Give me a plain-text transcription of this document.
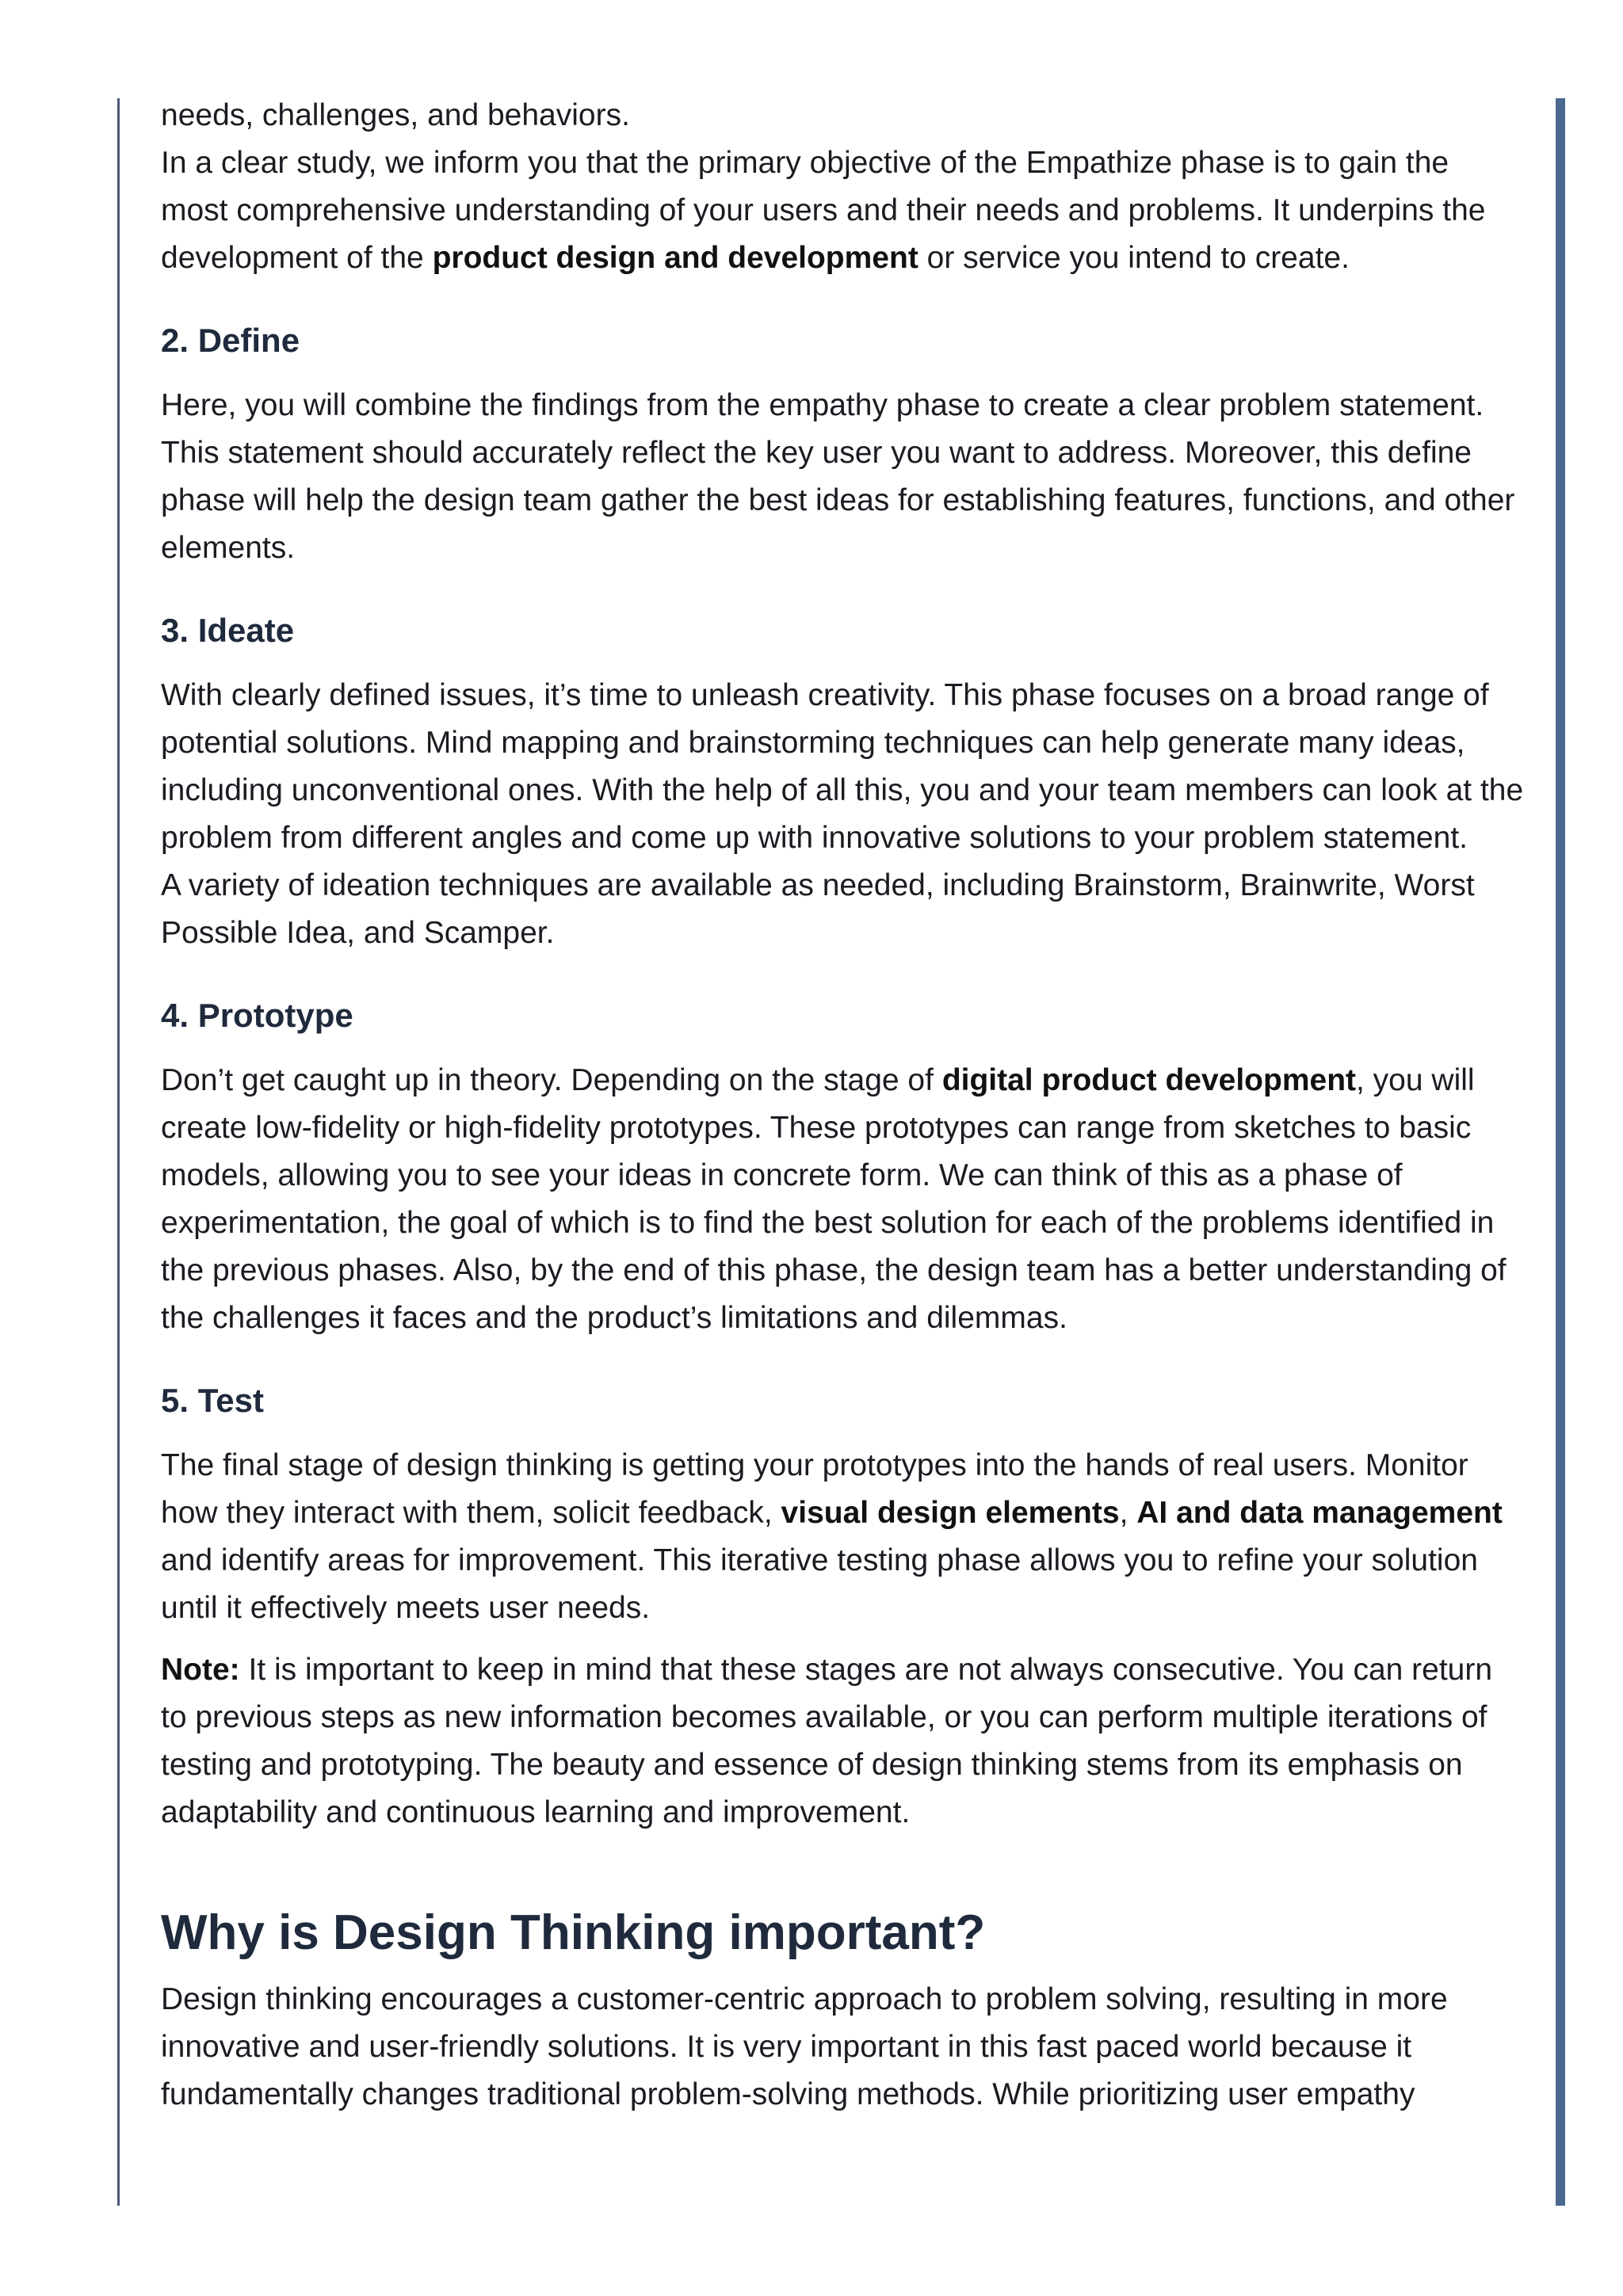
needs, challenges, and behaviors.

In a clear study, we inform you that the primary objective of the Empathize phase is to gain the most comprehensive understanding of your users and their needs and problems. It underpins the development of the product design and development or service you intend to create.

2. Define

Here, you will combine the findings from the empathy phase to create a clear problem statement. This statement should accurately reflect the key user you want to address. Moreover, this define phase will help the design team gather the best ideas for establishing features, functions, and other elements.

3. Ideate

With clearly defined issues, it’s time to unleash creativity. This phase focuses on a broad range of potential solutions. Mind mapping and brainstorming techniques can help generate many ideas, including unconventional ones. With the help of all this, you and your team members can look at the problem from different angles and come up with innovative solutions to your problem statement.

A variety of ideation techniques are available as needed, including Brainstorm, Brainwrite, Worst Possible Idea, and Scamper.

4. Prototype

Don’t get caught up in theory. Depending on the stage of digital product development, you will create low-fidelity or high-fidelity prototypes. These prototypes can range from sketches to basic models, allowing you to see your ideas in concrete form. We can think of this as a phase of experimentation, the goal of which is to find the best solution for each of the problems identified in the previous phases. Also, by the end of this phase, the design team has a better understanding of the challenges it faces and the product’s limitations and dilemmas.

5. Test

The final stage of design thinking is getting your prototypes into the hands of real users. Monitor how they interact with them, solicit feedback, visual design elements, AI and data management and identify areas for improvement. This iterative testing phase allows you to refine your solution until it effectively meets user needs.

Note: It is important to keep in mind that these stages are not always consecutive. You can return to previous steps as new information becomes available, or you can perform multiple iterations of testing and prototyping. The beauty and essence of design thinking stems from its emphasis on adaptability and continuous learning and improvement.

Why is Design Thinking important?

Design thinking encourages a customer-centric approach to problem solving, resulting in more innovative and user-friendly solutions. It is very important in this fast paced world because it fundamentally changes traditional problem-solving methods. While prioritizing user empathy
